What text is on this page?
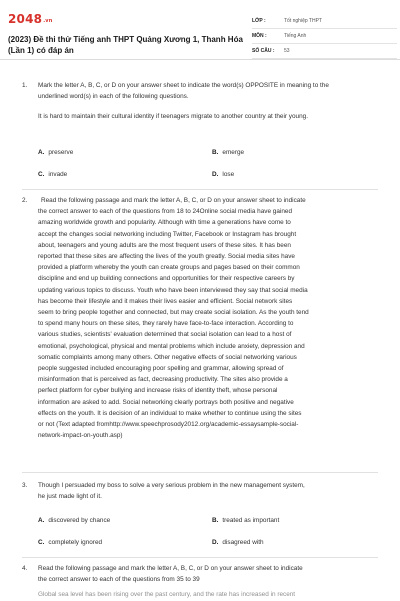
2048.vn
(2023) Đề thi thử Tiếng anh THPT Quảng Xương 1, Thanh Hóa (Lần 1) có đáp án
LỚP :	Tốt nghiệp THPT
MÔN :	Tiếng Anh
SỐ CÂU :	53
1. Mark the letter A, B, C, or D on your answer sheet to indicate the word(s) OPPOSITE in meaning to the underlined word(s) in each of the following questions.
It is hard to maintain their cultural identity if teenagers migrate to another country at their young.
A. preserve	B. emerge
C. invade	D. lose
2.	Read the following passage and mark the letter A, B, C, or D on your answer sheet to indicate
the correct answer to each of the questions from 18 to 24Online social media have gained
amazing worldwide growth and popularity. Although with time a generations have come to
accept the changes social networking including Twitter, Facebook or Instagram has brought
about, teenagers and young adults are the most frequent users of these sites. It has been
reported that these sites are affecting the lives of the youth greatly. Social media sites have
provided a platform whereby the youth can create groups and pages based on their common
discipline and end up building connections and opportunities for their respective careers by
updating various topics to discuss. Youth who have been interviewed they say that social media
has become their lifestyle and it makes their lives easier and efficient. Social network sites
seem to bring people together and connected, but may create social isolation. As the youth tend
to spend many hours on these sites, they rarely have face-to-face interaction. According to
various studies, scientists' evaluation determined that social isolation can lead to a host of
emotional, psychological, physical and mental problems which include anxiety, depression and
somatic complaints among many others. Other negative effects of social networking various
people suggested included encouraging poor spelling and grammar, allowing spread of
misinformation that is perceived as fact, decreasing productivity. The sites also provide a
perfect platform for cyber bullying and increase risks of identity theft, whose personal
information are asked to add. Social networking clearly portrays both positive and negative
effects on the youth. It is decision of an individual to make whether to continue using the sites
or not (Text adapted fromhttp://www.speechprosody2012.org/academic-essaysample-social-
network-impact-on-youth.asp)
3. Though I persuaded my boss to solve a very serious problem in the new management system,
he just made light of it.
A. discovered by chance	B. treated as important
C. completely ignored	D. disagreed with
4. Read the following passage and mark the letter A, B, C, or D on your answer sheet to indicate
the correct answer to each of the questions from 35 to 39
Global sea level has been rising over the past century, and the rate has increased in recent
